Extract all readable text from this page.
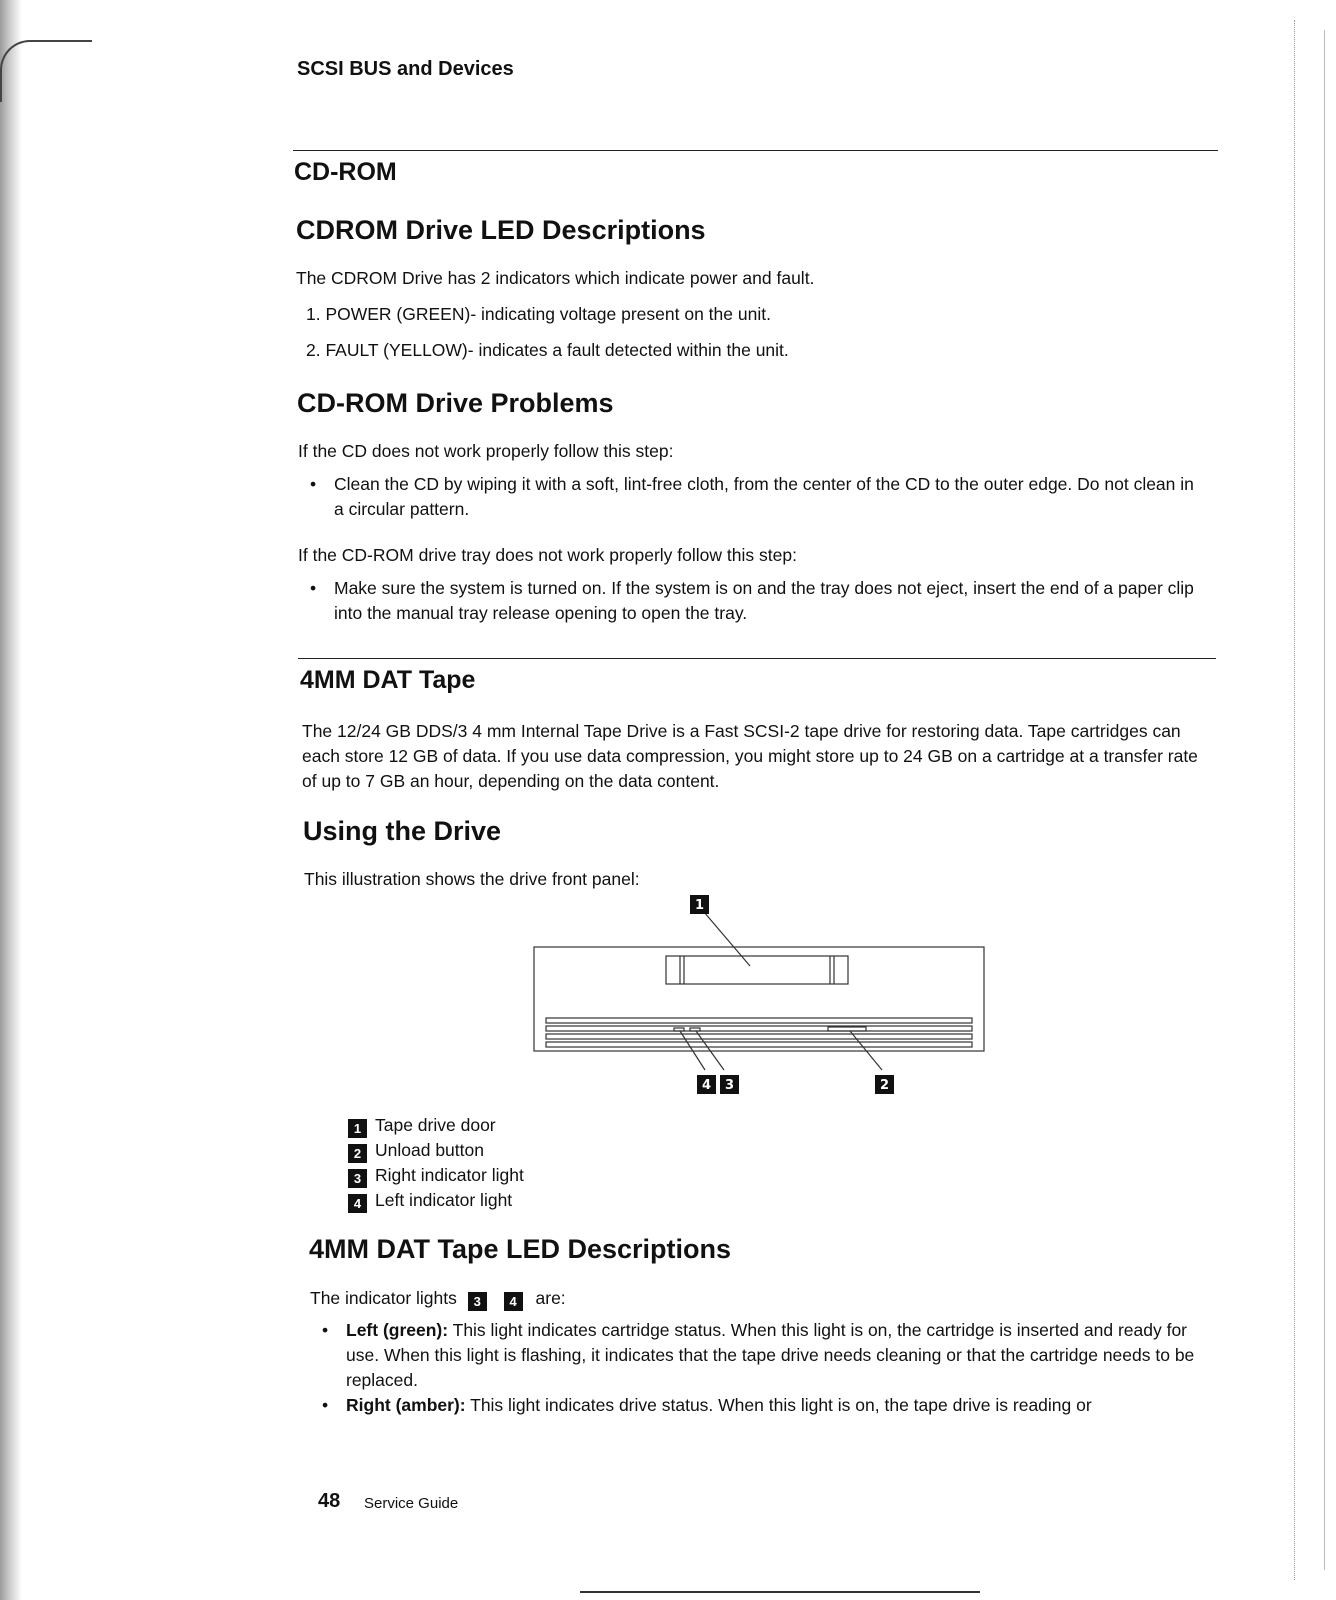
SCSI BUS and Devices
CD-ROM
CDROM Drive LED Descriptions
The CDROM Drive has 2 indicators which indicate power and fault.
1. POWER (GREEN)- indicating voltage present on the unit.
2. FAULT (YELLOW)- indicates a fault detected within the unit.
CD-ROM Drive Problems
If the CD does not work properly follow this step:
• Clean the CD by wiping it with a soft, lint-free cloth, from the center of the CD to the outer edge. Do not clean in a circular pattern.
If the CD-ROM drive tray does not work properly follow this step:
• Make sure the system is turned on. If the system is on and the tray does not eject, insert the end of a paper clip into the manual tray release opening to open the tray.
4MM DAT Tape
The 12/24 GB DDS/3 4 mm Internal Tape Drive is a Fast SCSI-2 tape drive for restoring data. Tape cartridges can each store 12 GB of data. If you use data compression, you might store up to 24 GB on a cartridge at a transfer rate of up to 7 GB an hour, depending on the data content.
Using the Drive
This illustration shows the drive front panel:
1
4 3	2
1 Tape drive door
2 Unload button
3 Right indicator light
4 Left indicator light
4MM DAT Tape LED Descriptions
The indicator lights 3 4 are:
• Left (green): This light indicates cartridge status. When this light is on, the cartridge is inserted and ready for use. When this light is flashing, it indicates that the tape drive needs cleaning or that the cartridge needs to be replaced.
• Right (amber): This light indicates drive status. When this light is on, the tape drive is reading or
48 Service Guide
